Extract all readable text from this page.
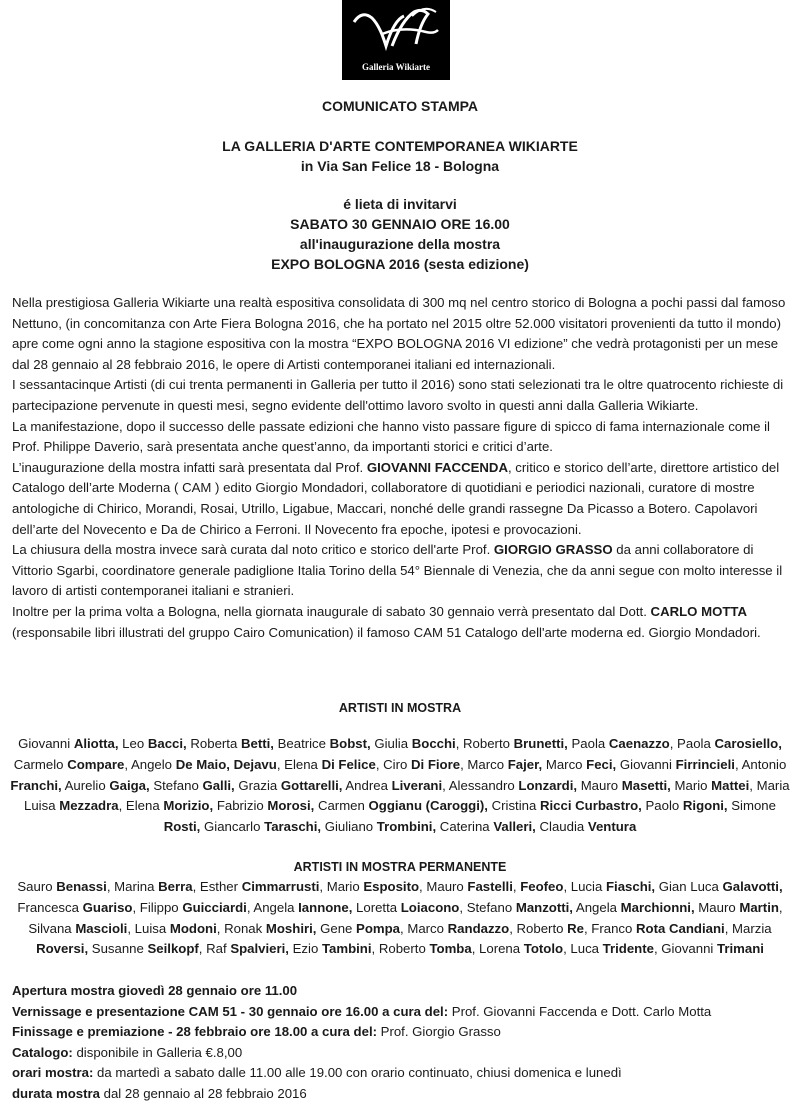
Galleria Wikiarte
COMUNICATO STAMPA
LA GALLERIA D'ARTE CONTEMPORANEA WIKIARTE
in Via San Felice 18 - Bologna
é lieta di invitarvi
SABATO 30 GENNAIO ORE 16.00
all'inaugurazione della mostra
EXPO BOLOGNA 2016 (sesta edizione)

Nella prestigiosa Galleria Wikiarte una realtà espositiva consolidata di 300 mq nel centro storico di Bologna a pochi passi dal famoso Nettuno, (in concomitanza con Arte Fiera Bologna 2016, che ha portato nel 2015 oltre 52.000 visitatori provenienti da tutto il mondo) apre come ogni anno la stagione espositiva con la mostra “EXPO BOLOGNA 2016 VI edizione” che vedrà protagonisti per un mese dal 28 gennaio al 28 febbraio 2016, le opere di Artisti contemporanei italiani ed internazionali.

I sessantacinque Artisti (di cui trenta permanenti in Galleria per tutto il 2016) sono stati selezionati tra le oltre quatrocento richieste di partecipazione pervenute in questi mesi, segno evidente dell'ottimo lavoro svolto in questi anni dalla Galleria Wikiarte.

La manifestazione, dopo il successo delle passate edizioni che hanno visto passare figure di spicco di fama internazionale come il Prof. Philippe Daverio, sarà presentata anche quest’anno, da importanti storici e critici d’arte.

L’inaugurazione della mostra infatti sarà presentata dal Prof. GIOVANNI FACCENDA, critico e storico dell’arte, direttore artistico del Catalogo dell’arte Moderna ( CAM ) edito Giorgio Mondadori, collaboratore di quotidiani e periodici nazionali, curatore di mostre antologiche di Chirico, Morandi, Rosai, Utrillo, Ligabue, Maccari, nonché delle grandi rassegne Da Picasso a Botero. Capolavori dell’arte del Novecento e Da de Chirico a Ferroni. Il Novecento fra epoche, ipotesi e provocazioni.

La chiusura della mostra invece sarà curata dal noto critico e storico dell'arte Prof. GIORGIO GRASSO da anni collaboratore di Vittorio Sgarbi, coordinatore generale padiglione Italia Torino della 54° Biennale di Venezia, che da anni segue con molto interesse il lavoro di artisti contemporanei italiani e stranieri.

Inoltre per la prima volta a Bologna, nella giornata inaugurale di sabato 30 gennaio verrà presentato dal Dott. CARLO MOTTA (responsabile libri illustrati del gruppo Cairo Comunication) il famoso CAM 51 Catalogo dell'arte moderna ed. Giorgio Mondadori.

ARTISTI IN MOSTRA
Giovanni Aliotta, Leo Bacci, Roberta Betti, Beatrice Bobst, Giulia Bocchi, Roberto Brunetti, Paola Caenazzo, Paola Carosiello, Carmelo Compare, Angelo De Maio, Dejavu, Elena Di Felice, Ciro Di Fiore, Marco Fajer, Marco Feci, Giovanni Firrincieli, Antonio Franchi, Aurelio Gaiga, Stefano Galli, Grazia Gottarelli, Andrea Liverani, Alessandro Lonzardi, Mauro Masetti, Mario Mattei, Maria Luisa Mezzadra, Elena Morizio, Fabrizio Morosi, Carmen Oggianu (Caroggi), Cristina Ricci Curbastro, Paolo Rigoni, Simone Rosti, Giancarlo Taraschi, Giuliano Trombini, Caterina Valleri, Claudia Ventura
ARTISTI IN MOSTRA PERMANENTE
Sauro Benassi, Marina Berra, Esther Cimmarrusti, Mario Esposito, Mauro Fastelli, Feofeo, Lucia Fiaschi, Gian Luca Galavotti, Francesca Guariso, Filippo Guicciardi, Angela Iannone, Loretta Loiacono, Stefano Manzotti, Angela Marchionni, Mauro Martin, Silvana Mascioli, Luisa Modoni, Ronak Moshiri, Gene Pompa, Marco Randazzo, Roberto Re, Franco Rota Candiani, Marzia Roversi, Susanne Seilkopf, Raf Spalvieri, Ezio Tambini, Roberto Tomba, Lorena Totolo, Luca Tridente, Giovanni Trimani
Apertura mostra giovedì 28 gennaio ore 11.00
Vernissage e presentazione CAM 51 - 30 gennaio ore 16.00 a cura del: Prof. Giovanni Faccenda e Dott. Carlo Motta
Finissage e premiazione - 28 febbraio ore 18.00 a cura del: Prof. Giorgio Grasso
Catalogo: disponibile in Galleria €.8,00
orari mostra: da martedì a sabato dalle 11.00 alle 19.00 con orario continuato, chiusi domenica e lunedì
durata mostra dal 28 gennaio al 28 febbraio 2016
